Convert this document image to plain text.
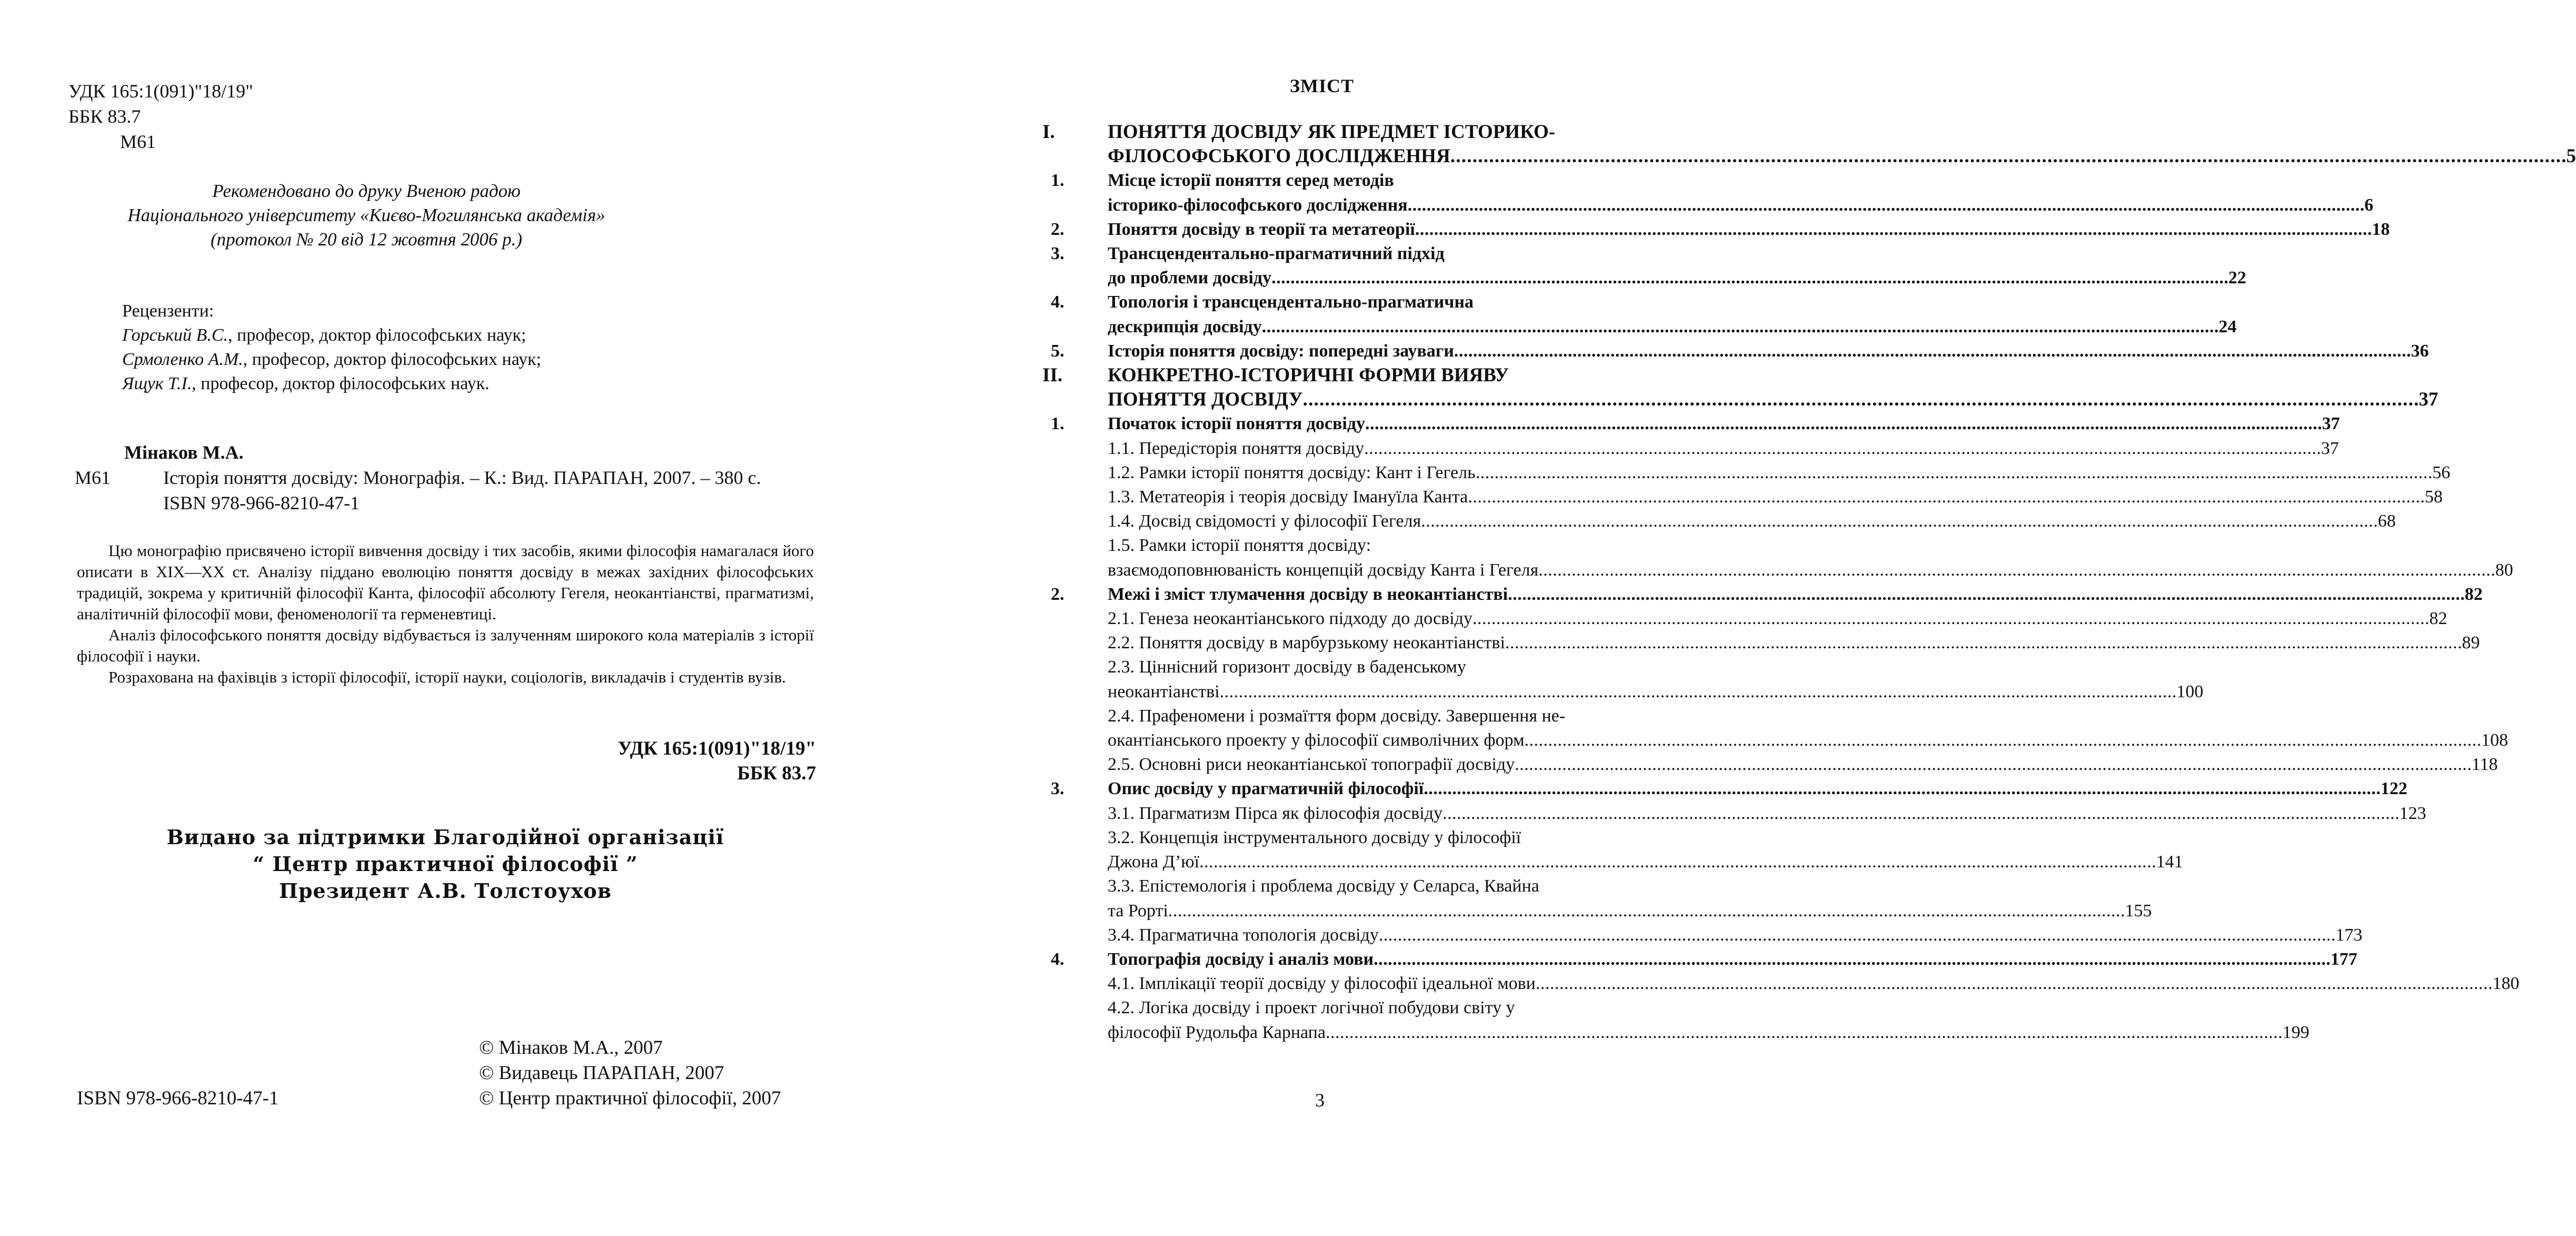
УДК 165:1(091)"18/19"
ББК 83.7
М61
Рекомендовано до друку Вченою радою
Національного університету «Києво-Могилянська академія»
(протокол № 20 від 12 жовтня 2006 р.)
Рецензенти:
Горський В.С., професор, доктор філософських наук;
Срмоленко А.М., професор, доктор філософських наук;
Ящук Т.І., професор, доктор філософських наук.
Мінаков М.А.
М61	Історія поняття досвіду: Монографія. – К.: Вид. ПАРАПАН, 2007. – 380 с.
ISBN 978-966-8210-47-1

Цю монографію присвячено історії вивчення досвіду і тих засобів, якими філософія намагалася його описати в XIX—XX ст. Аналізу піддано еволюцію поняття досвіду в межах західних філософських традицій, зокрема у критичній філософії Канта, філософії абсолюту Гегеля, неокантіанстві, прагматизмі, аналітичній філософії мови, феноменології та герменевтиці.

Аналіз філософського поняття досвіду відбувається із залученням широкого кола матеріалів з історії філософії і науки.

Розрахована на фахівців з історії філософії, історії науки, соціологів, викладачів і студентів вузів.

УДК 165:1(091)"18/19"
ББК 83.7
Видано за підтримки Благодійної організації
“ Центр практичної філософії ”
Президент А.В. Толстоухов
ISBN 978-966-8210-47-1
© Мінаков М.А., 2007
© Видавець ПАРАПАН, 2007
© Центр практичної філософії, 2007
ЗМІСТ
I.	ПОНЯТТЯ ДОСВІДУ ЯК ПРЕДМЕТ ІСТОРИКО-
ФІЛОСОФСЬКОГО ДОСЛІДЖЕННЯ . . .	5
1.	Місце історії поняття серед методів
історико-філософського дослідження . . .	6
2.	Поняття досвіду в теорії та метатеорії . . .	18
3.	Трансцендентально-прагматичний підхід
до проблеми досвіду . . .	22
4.	Топологія і трансцендентально-прагматична
дескрипція досвіду . . .	24
5.	Історія поняття досвіду: попередні зауваги . . .	36
II.	КОНКРЕТНО-ІСТОРИЧНІ ФОРМИ ВИЯВУ
ПОНЯТТЯ ДОСВІДУ . . .	37
1.	Початок історії поняття досвіду . . .	37
1.1. Передісторія поняття досвіду . . .	37
1.2. Рамки історії поняття досвіду: Кант і Гегель . . .	56
1.3. Метатеорія і теорія досвіду Імануїла Канта . . .	58
1.4. Досвід свідомості у філософії Гегеля . . .	68
1.5. Рамки історії поняття досвіду:
взаємодоповнюваність концепцій досвіду Канта і Гегеля . . .	80
2.	Межі і зміст тлумачення досвіду в неокантіанстві . . .	82
2.1. Генеза неокантіанського підходу до досвіду . . .	82
2.2. Поняття досвіду в марбурзькому неокантіанстві . . .	89
2.3. Ціннісний горизонт досвіду в баденському
неокантіанстві . . .	100
2.4. Прафеномени і розмаїття форм досвіду. Завершення не-
окантіанського проекту у філософії символічних форм . . .	108
2.5. Основні риси неокантіанської топографії досвіду . . .	118
3.	Опис досвіду у прагматичній філософії . . .	122
3.1. Прагматизм Пірса як філософія досвіду . . .	123
3.2. Концепція інструментального досвіду у філософії
Джона Д’юї . . .	141
3.3. Епістемологія і проблема досвіду у Селарса, Квайна
та Рорті . . .	155
3.4. Прагматична топологія досвіду . . .	173
4.	Топографія досвіду і аналіз мови . . .	177
4.1. Імплікації теорії досвіду у філософії ідеальної мови . . .	180
4.2. Логіка досвіду і проект логічної побудови світу у
філософії Рудольфа Карнапа . . .	199
3
